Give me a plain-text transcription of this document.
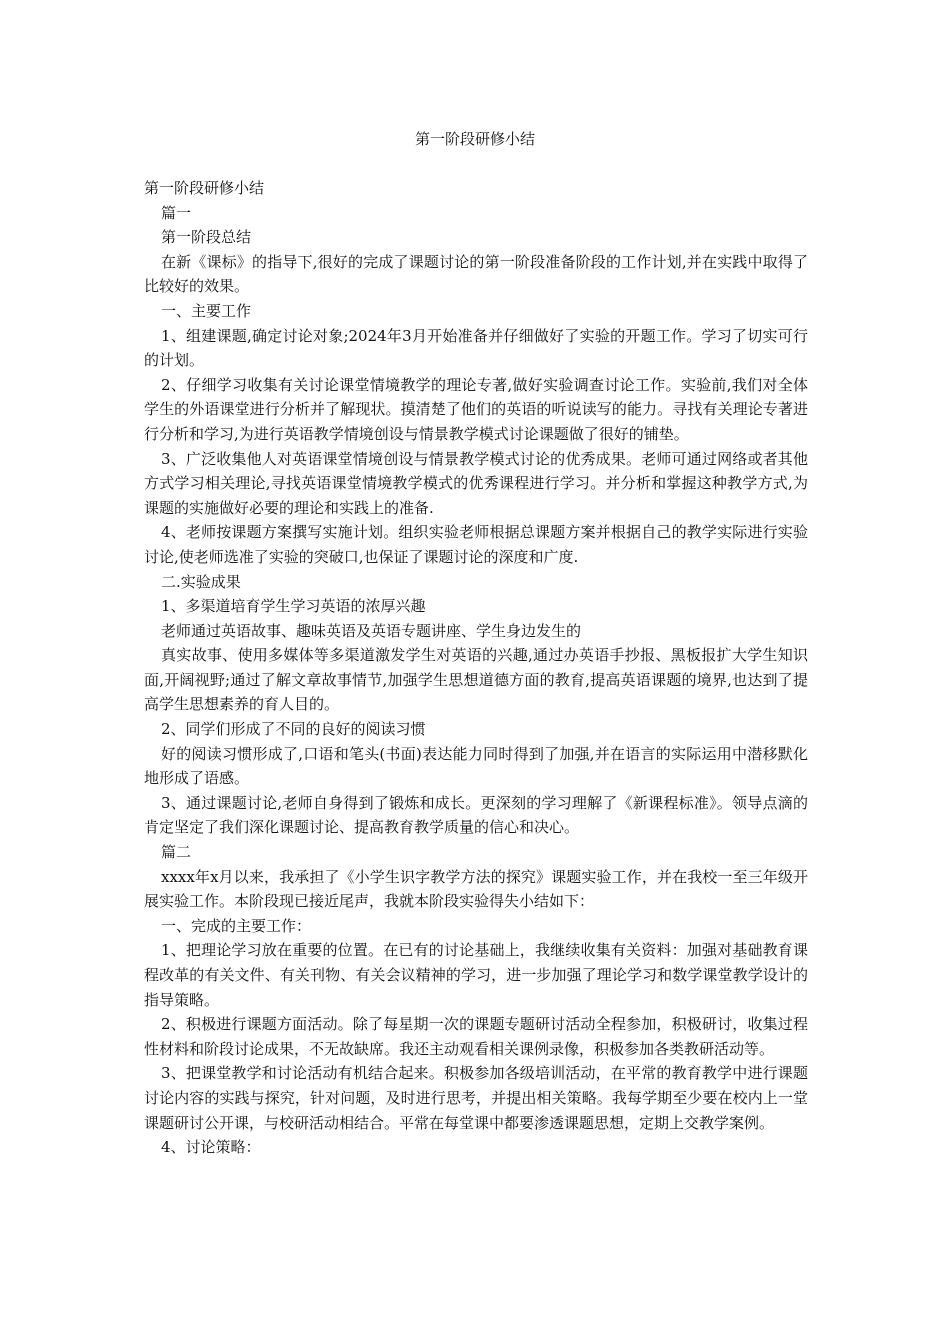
第一阶段研修小结

第一阶段研修小结

篇一

第一阶段总结

在新《课标》的指导下,很好的完成了课题讨论的第一阶段准备阶段的工作计划,并在实践中取得了比较好的效果。

一、主要工作

1、组建课题,确定讨论对象;2024年3月开始准备并仔细做好了实验的开题工作。学习了切实可行的计划。

2、仔细学习收集有关讨论课堂情境教学的理论专著,做好实验调查讨论工作。实验前,我们对全体学生的外语课堂进行分析并了解现状。摸清楚了他们的英语的听说读写的能力。寻找有关理论专著进行分析和学习,为进行英语教学情境创设与情景教学模式讨论课题做了很好的铺垫。

3、广泛收集他人对英语课堂情境创设与情景教学模式讨论的优秀成果。老师可通过网络或者其他方式学习相关理论,寻找英语课堂情境教学模式的优秀课程进行学习。并分析和掌握这种教学方式,为课题的实施做好必要的理论和实践上的准备.

4、老师按课题方案撰写实施计划。组织实验老师根据总课题方案并根据自己的教学实际进行实验讨论,使老师选准了实验的突破口,也保证了课题讨论的深度和广度.

二.实验成果

1、多渠道培育学生学习英语的浓厚兴趣

老师通过英语故事、趣味英语及英语专题讲座、学生身边发生的

真实故事、使用多媒体等多渠道激发学生对英语的兴趣,通过办英语手抄报、黑板报扩大学生知识面,开阔视野;通过了解文章故事情节,加强学生思想道德方面的教育,提高英语课题的境界,也达到了提高学生思想素养的育人目的。

2、同学们形成了不同的良好的阅读习惯

好的阅读习惯形成了,口语和笔头(书面)表达能力同时得到了加强,并在语言的实际运用中潜移默化地形成了语感。

3、通过课题讨论,老师自身得到了锻炼和成长。更深刻的学习理解了《新课程标准》。领导点滴的肯定坚定了我们深化课题讨论、提高教育教学质量的信心和决心。

篇二

xxxx年x月以来，我承担了《小学生识字教学方法的探究》课题实验工作，并在我校一至三年级开展实验工作。本阶段现已接近尾声，我就本阶段实验得失小结如下：

一、完成的主要工作：

1、把理论学习放在重要的位置。在已有的讨论基础上，我继续收集有关资料：加强对基础教育课程改革的有关文件、有关刊物、有关会议精神的学习，进一步加强了理论学习和数学课堂教学设计的指导策略。

2、积极进行课题方面活动。除了每星期一次的课题专题研讨活动全程参加，积极研讨，收集过程性材料和阶段讨论成果，不无故缺席。我还主动观看相关课例录像，积极参加各类教研活动等。

3、把课堂教学和讨论活动有机结合起来。积极参加各级培训活动，在平常的教育教学中进行课题讨论内容的实践与探究，针对问题，及时进行思考，并提出相关策略。我每学期至少要在校内上一堂课题研讨公开课，与校研活动相结合。平常在每堂课中都要渗透课题思想，定期上交教学案例。

4、讨论策略：
